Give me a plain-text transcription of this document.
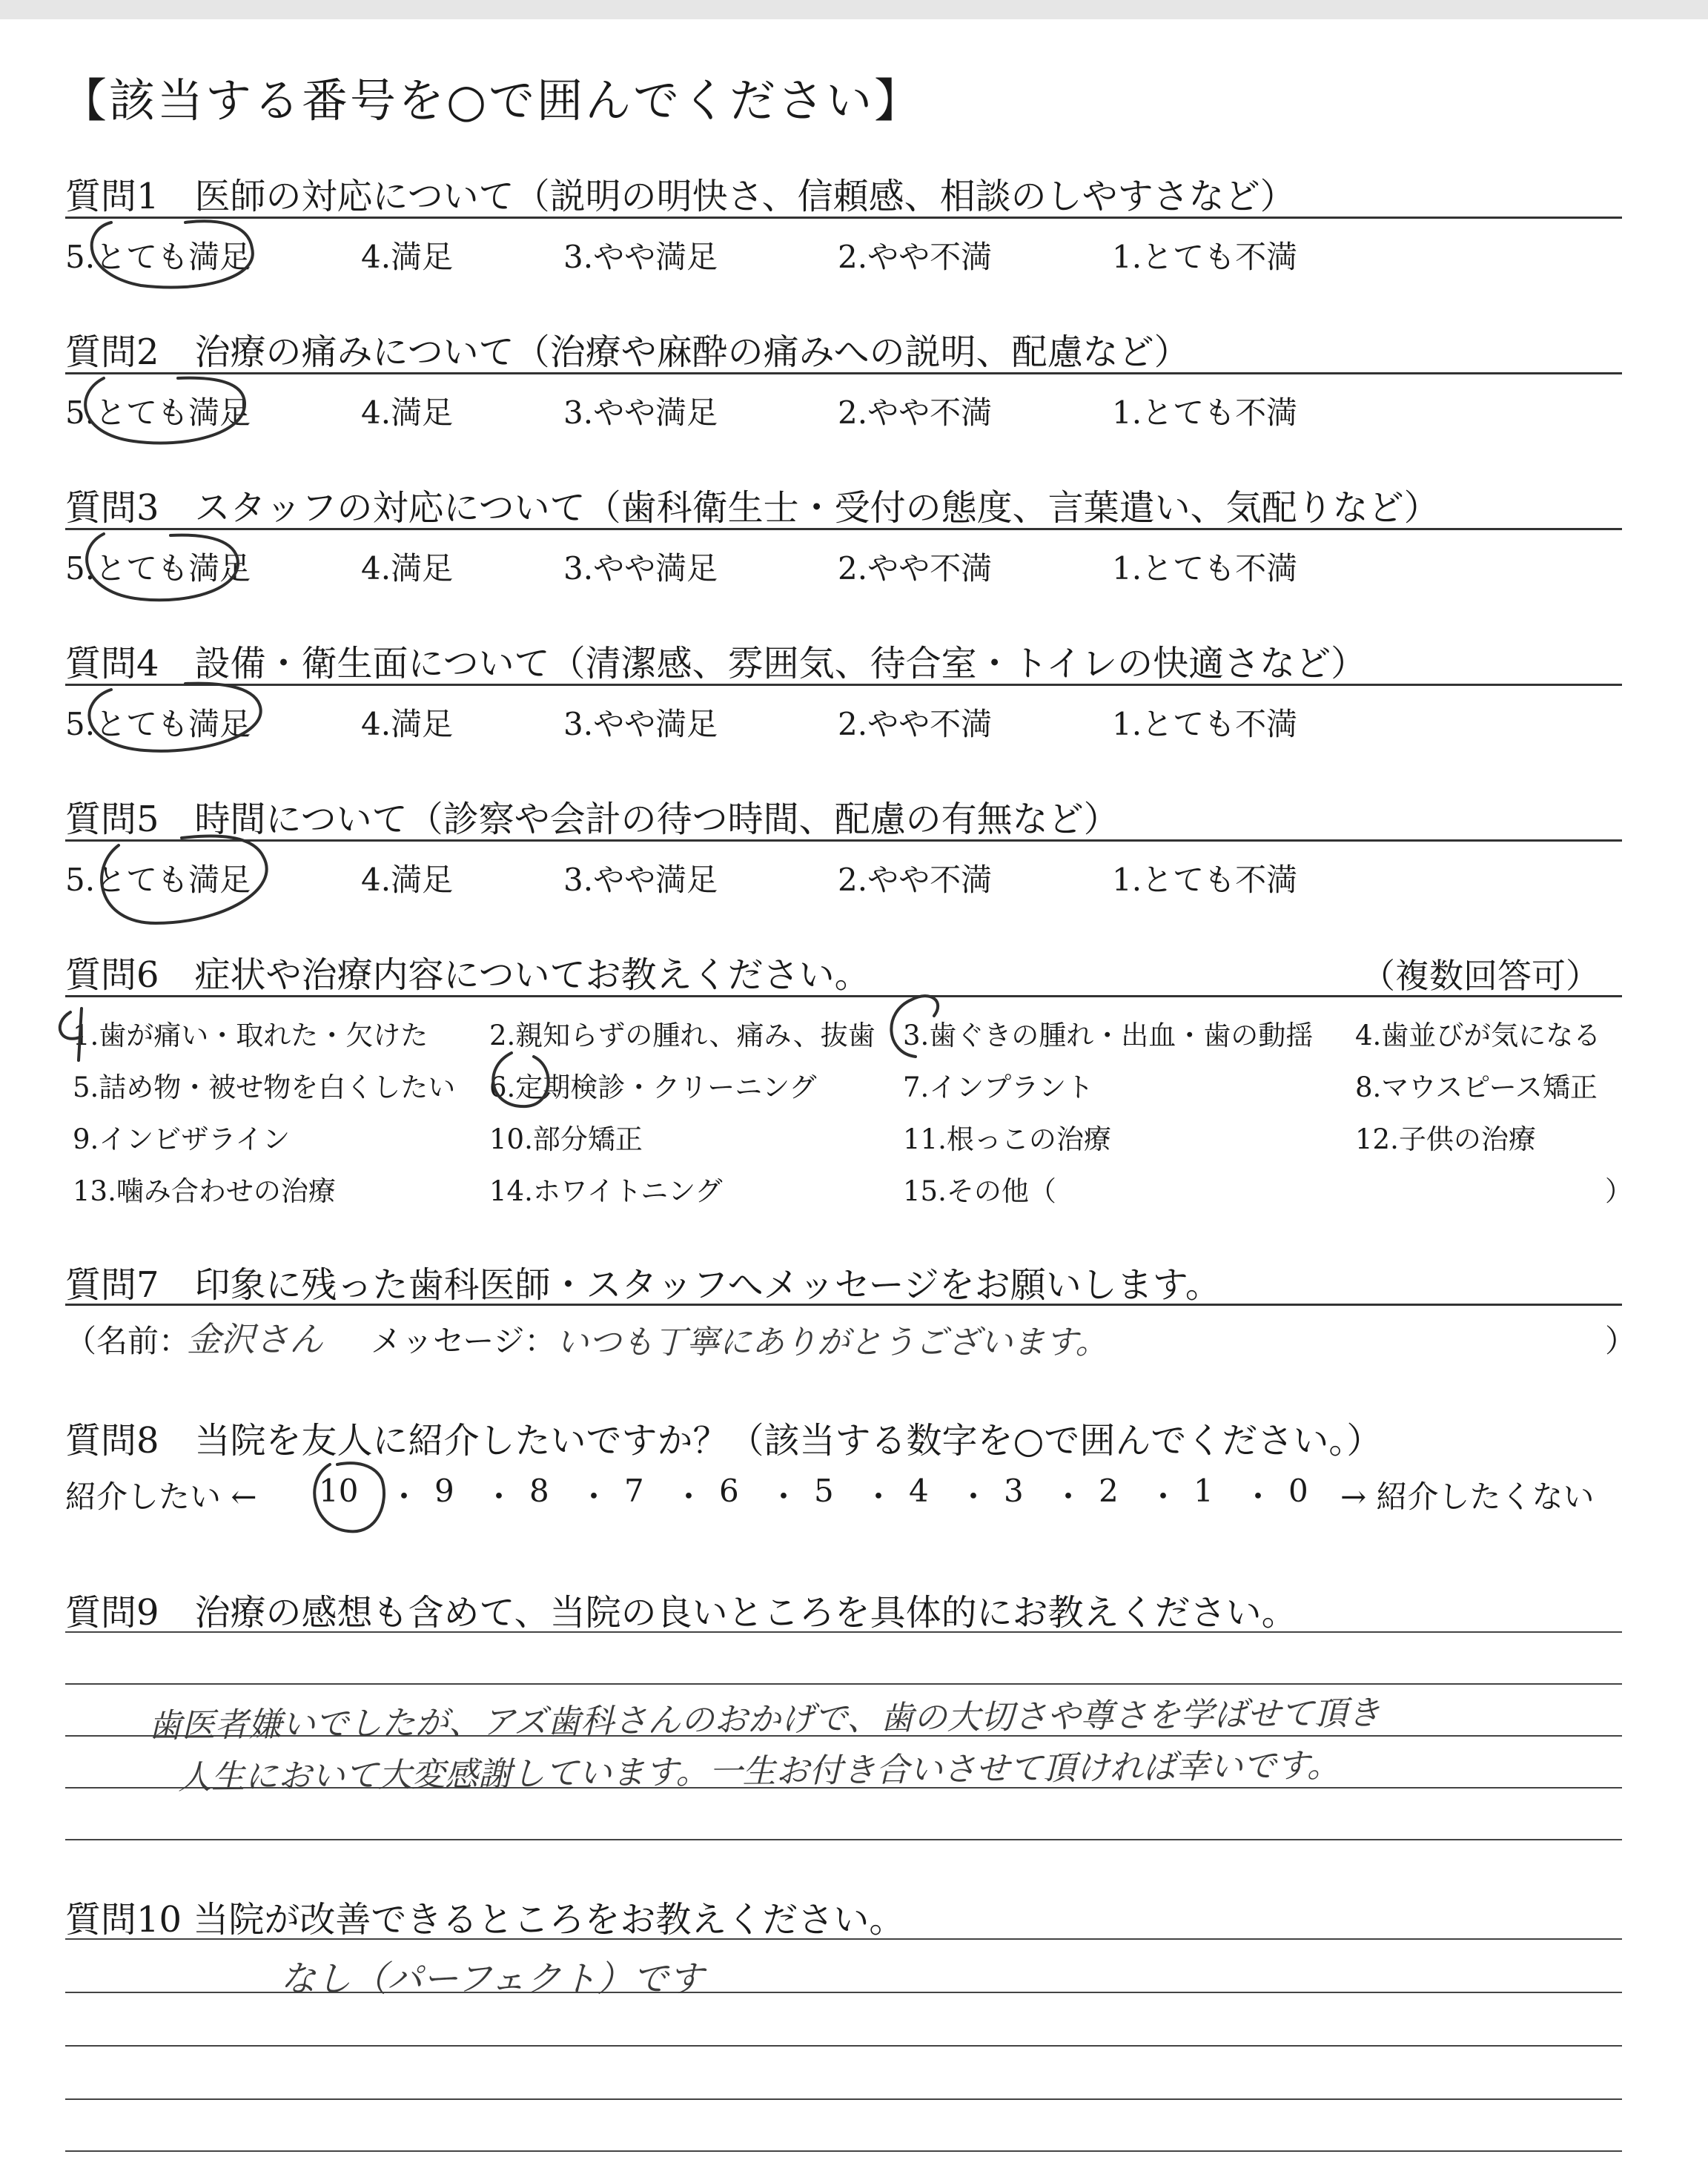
【該当する番号を○で囲んでください】
質問1　医師の対応について（説明の明快さ、信頼感、相談のしやすさなど）
5.とても満足	4.満足	3.やや満足	2.やや不満	1.とても不満
質問2　治療の痛みについて（治療や麻酔の痛みへの説明、配慮など）
5.とても満足	4.満足	3.やや満足	2.やや不満	1.とても不満
質問3　スタッフの対応について（歯科衛生士・受付の態度、言葉遣い、気配りなど）
5.とても満足	4.満足	3.やや満足	2.やや不満	1.とても不満
質問4　設備・衛生面について（清潔感、雰囲気、待合室・トイレの快適さなど）
5.とても満足	4.満足	3.やや満足	2.やや不満	1.とても不満
質問5　時間について（診察や会計の待つ時間、配慮の有無など）
5.とても満足	4.満足	3.やや満足	2.やや不満	1.とても不満
質問6　症状や治療内容についてお教えください。	（複数回答可）
1.歯が痛い・取れた・欠けた 2.親知らずの腫れ、痛み、抜歯 3.歯ぐきの腫れ・出血・歯の動揺 4.歯並びが気になる
5.詰め物・被せ物を白くしたい 6.定期検診・クリーニング	7.インプラント	8.マウスピース矯正
9.インビザライン	10.部分矯正	11.根っこの治療	12.子供の治療
13.噛み合わせの治療	14.ホワイトニング	15.その他（	）
質問7　印象に残った歯科医師・スタッフへメッセージをお願いします。
（名前：
金沢さん メッセージ： いつも丁寧にありがとうございます。	）
質問8　当院を友人に紹介したいですか？（該当する数字を○で囲んでください。）
紹介したい ← 10 9 8 7 6 5 4 3 2 1 0 → 紹介したくない
・ ・ ・ ・ ・ ・ ・ ・ ・ ・
質問9　治療の感想も含めて、当院の良いところを具体的にお教えください。
歯医者嫌いでしたが、アズ歯科さんのおかげで、歯の大切さや尊さを学ばせて頂き
人生において大変感謝しています。一生お付き合いさせて頂ければ幸いです。
質問10 当院が改善できるところをお教えください。
なし（パーフェクト）です
